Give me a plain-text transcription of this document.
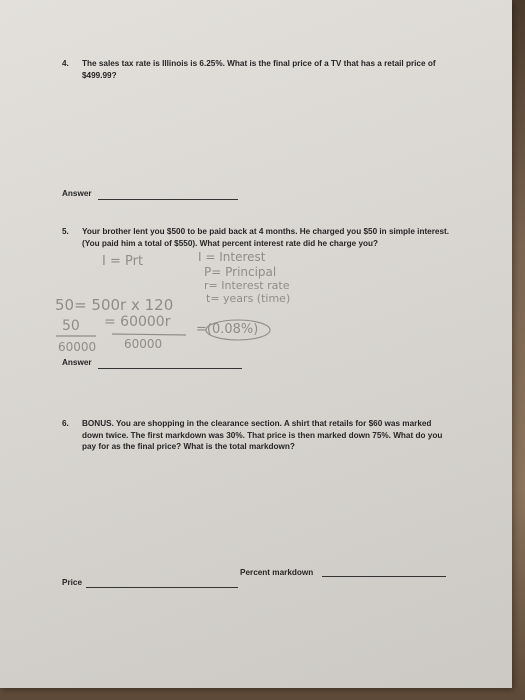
4. The sales tax rate is Illinois is 6.25%. What is the final price of a TV that has a retail price of
$499.99?
Answer
5. Your brother lent you $500 to be paid back at 4 months. He charged you $50 in simple interest.
(You paid him a total of $550). What percent interest rate did he charge you?
I = Prt	I = Interest
P= Principal
r= Interest rate
t= years (time)
50= 500r x 120
50 = 60000r
60000
60000
=(0.08%)
Answer
6. BONUS. You are shopping in the clearance section. A shirt that retails for $60 was marked
down twice. The first markdown was 30%. That price is then marked down 75%. What do you
pay for as the final price? What is the total markdown?
Percent markdown
Price
